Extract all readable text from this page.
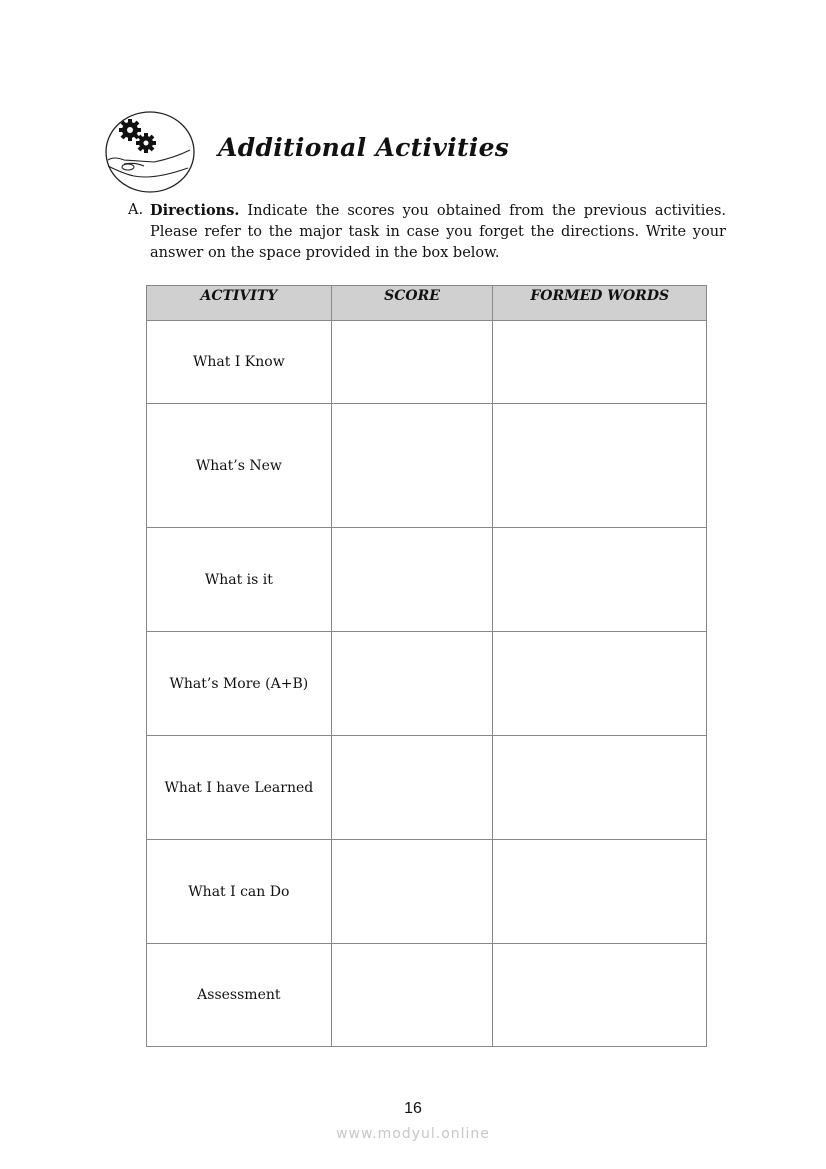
Additional Activities
A. Directions. Indicate the scores you obtained from the previous activities. Please refer to the major task in case you forget the directions. Write your answer on the space provided in the box below.
ACTIVITY	SCORE	FORMED WORDS
What I Know		
What’s New		
What is it		
What’s More (A+B)		
What I have Learned		
What I can Do		
Assessment		
16
www.modyul.online
